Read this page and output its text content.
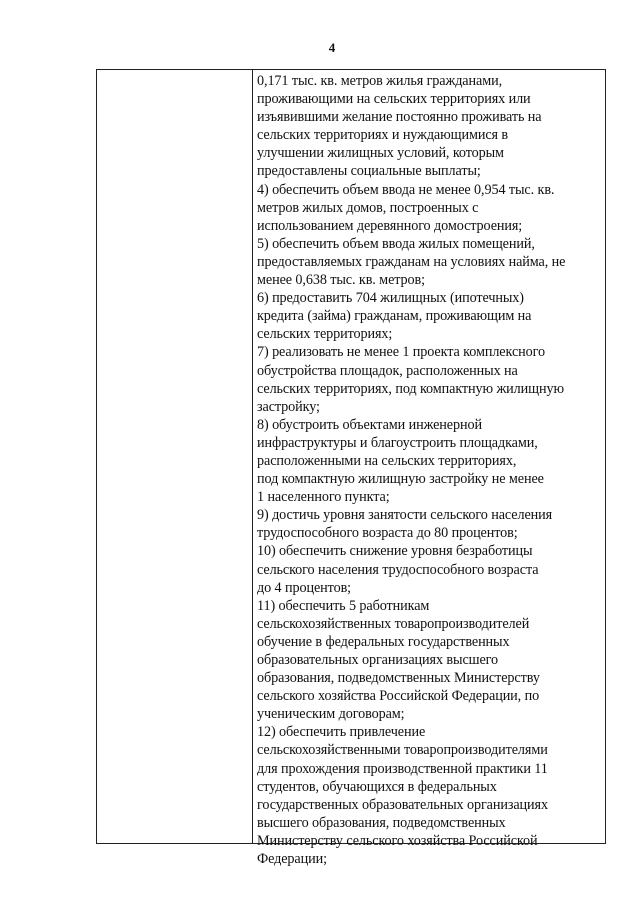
4
0,171 тыс. кв. метров жилья гражданами,
проживающими на сельских территориях или
изъявившими желание постоянно проживать на
сельских территориях и нуждающимися в
улучшении жилищных условий, которым
предоставлены социальные выплаты;
4) обеспечить объем ввода не менее 0,954 тыс. кв.
метров жилых домов, построенных с
использованием деревянного домостроения;
5) обеспечить объем ввода жилых помещений,
предоставляемых гражданам на условиях найма, не
менее 0,638 тыс. кв. метров;
6) предоставить 704 жилищных (ипотечных)
кредита (займа) гражданам, проживающим на
сельских территориях;
7) реализовать не менее 1 проекта комплексного
обустройства площадок, расположенных на
сельских территориях, под компактную жилищную
застройку;
8) обустроить объектами инженерной
инфраструктуры и благоустроить площадками,
расположенными на сельских территориях,
под компактную жилищную застройку не менее
1 населенного пункта;
9) достичь уровня занятости сельского населения
трудоспособного возраста до 80 процентов;
10) обеспечить снижение уровня безработицы
сельского населения трудоспособного возраста
до 4 процентов;
11) обеспечить 5 работникам
сельскохозяйственных товаропроизводителей
обучение в федеральных государственных
образовательных организациях высшего
образования, подведомственных Министерству
сельского хозяйства Российской Федерации, по
ученическим договорам;
12) обеспечить привлечение
сельскохозяйственными товаропроизводителями
для прохождения производственной практики 11
студентов, обучающихся в федеральных
государственных образовательных организациях
высшего образования, подведомственных
Министерству сельского хозяйства Российской
Федерации;
